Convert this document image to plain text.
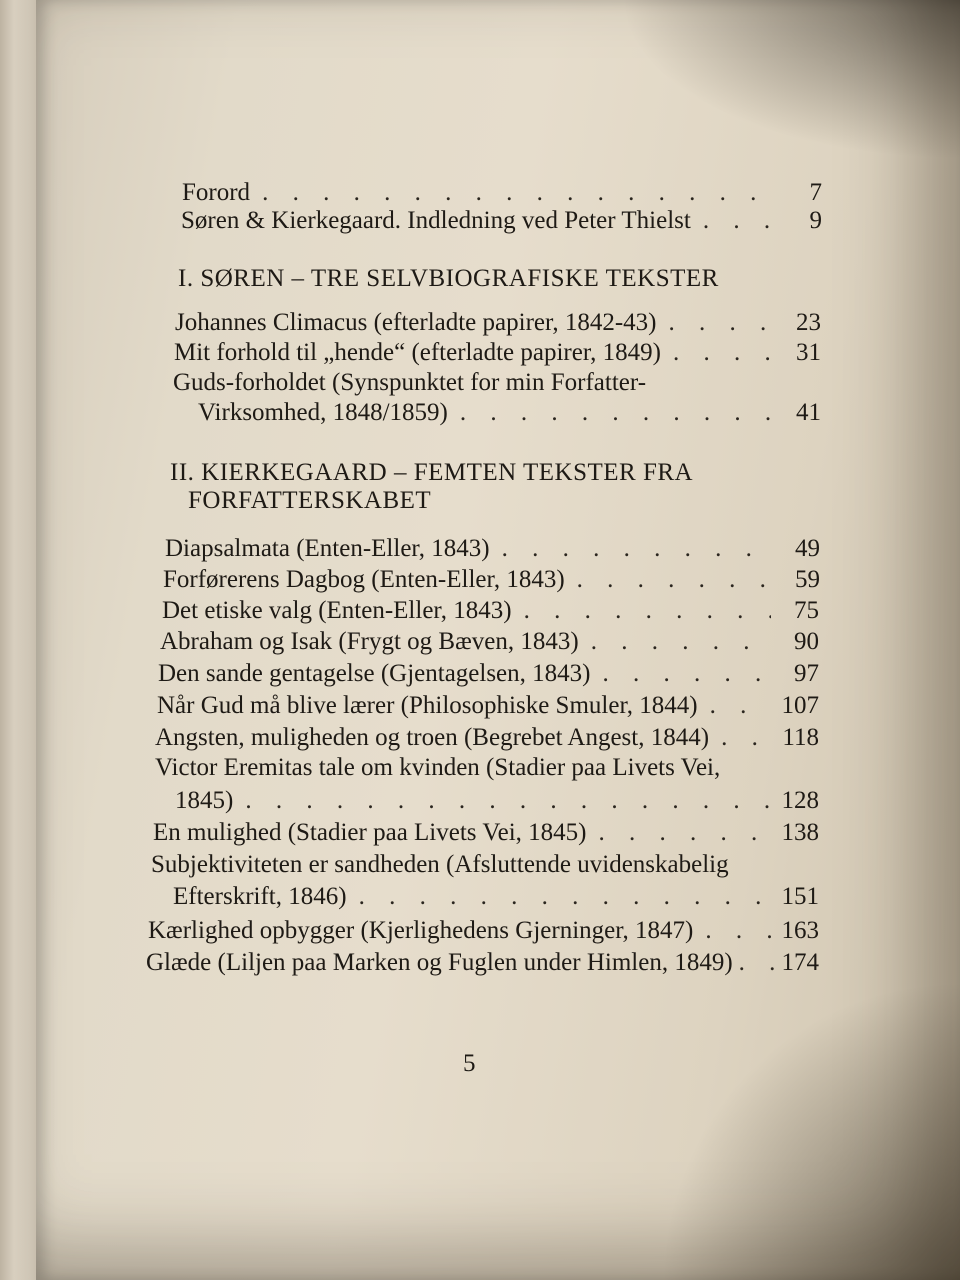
Forord . . .	7
Søren & Kierkegaard. Indledning ved Peter Thielst . . .	9
I. SØREN – TRE SELVBIOGRAFISKE TEKSTER
Johannes Climacus (efterladte papirer, 1842-43) . . .	23
Mit forhold til „hende“ (efterladte papirer, 1849) . . .	31
Guds-forholdet (Synspunktet for min Forfatter-
Virksomhed, 1848/1859) . . .	41
II. KIERKEGAARD – FEMTEN TEKSTER FRA
FORFATTERSKABET
Diapsalmata (Enten-Eller, 1843) . . .	49
Forførerens Dagbog (Enten-Eller, 1843) . . .	59
Det etiske valg (Enten-Eller, 1843) . . .	75
Abraham og Isak (Frygt og Bæven, 1843) . . .	90
Den sande gentagelse (Gjentagelsen, 1843) . . .	97
Når Gud må blive lærer (Philosophiske Smuler, 1844) . . .	107
Angsten, muligheden og troen (Begrebet Angest, 1844) . . .	118
Victor Eremitas tale om kvinden (Stadier paa Livets Vei,
1845) . . .	128
En mulighed (Stadier paa Livets Vei, 1845) . . .	138
Subjektiviteten er sandheden (Afsluttende uvidenskabelig
Efterskrift, 1846) . . .	151
Kærlighed opbygger (Kjerlighedens Gjerninger, 1847) . . .	163
Glæde (Liljen paa Marken og Fuglen under Himlen, 1849) . . . 174
5
